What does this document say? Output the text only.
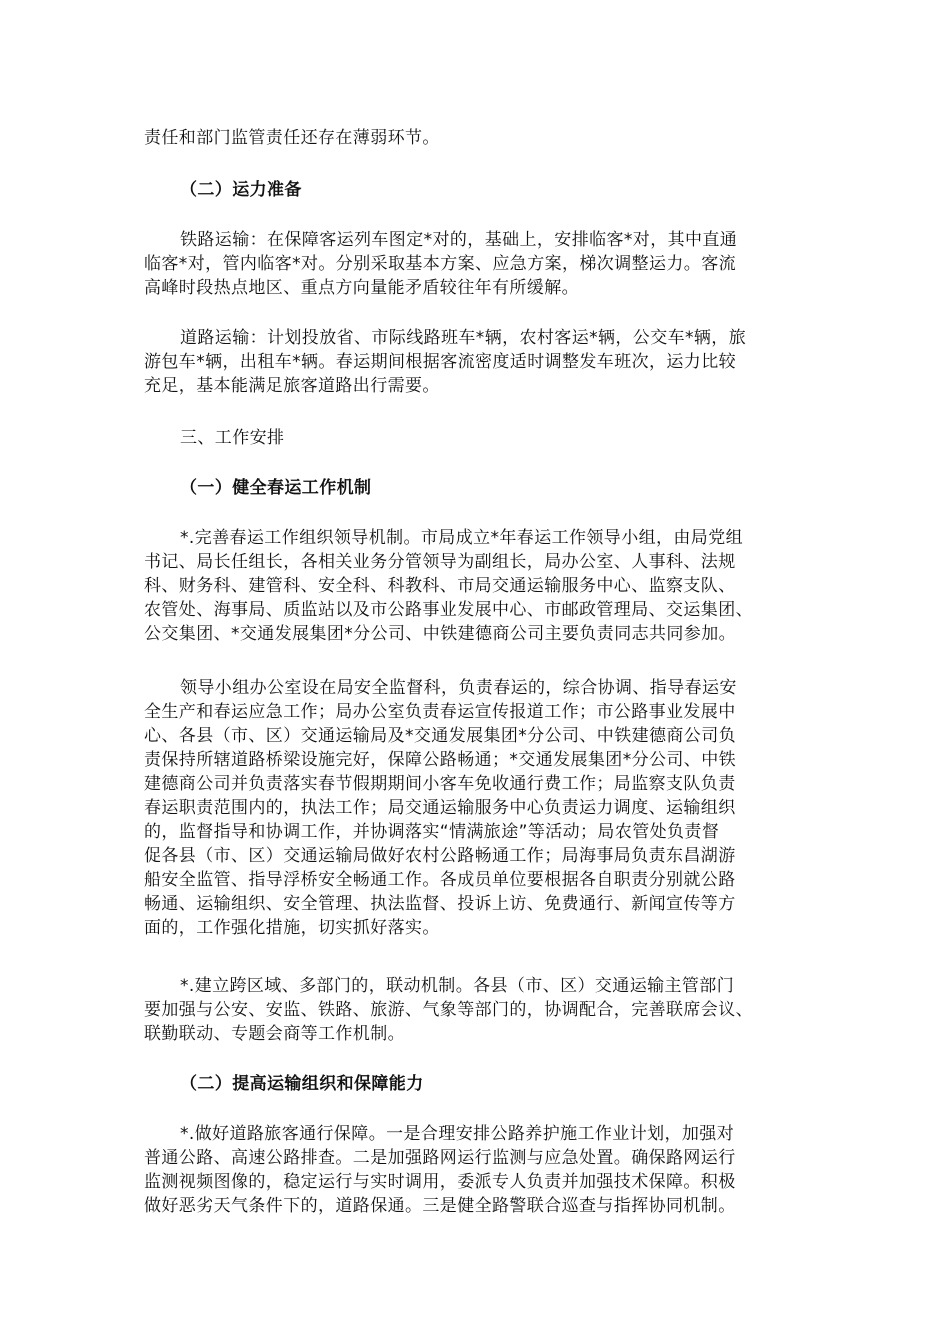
责任和部门监管责任还存在薄弱环节。

（二）运力准备

铁路运输：在保障客运列车图定*对的，基础上，安排临客*对，其中直通
临客*对，管内临客*对。分别采取基本方案、应急方案，梯次调整运力。客流
高峰时段热点地区、重点方向量能矛盾较往年有所缓解。

道路运输：计划投放省、市际线路班车*辆，农村客运*辆，公交车*辆，旅
游包车*辆，出租车*辆。春运期间根据客流密度适时调整发车班次，运力比较
充足，基本能满足旅客道路出行需要。

三、工作安排

（一）健全春运工作机制

*.完善春运工作组织领导机制。市局成立*年春运工作领导小组，由局党组
书记、局长任组长，各相关业务分管领导为副组长，局办公室、人事科、法规
科、财务科、建管科、安全科、科教科、市局交通运输服务中心、监察支队、
农管处、海事局、质监站以及市公路事业发展中心、市邮政管理局、交运集团、
公交集团、*交通发展集团*分公司、中铁建德商公司主要负责同志共同参加。

领导小组办公室设在局安全监督科，负责春运的，综合协调、指导春运安
全生产和春运应急工作；局办公室负责春运宣传报道工作；市公路事业发展中
心、各县（市、区）交通运输局及*交通发展集团*分公司、中铁建德商公司负
责保持所辖道路桥梁设施完好，保障公路畅通；*交通发展集团*分公司、中铁
建德商公司并负责落实春节假期期间小客车免收通行费工作；局监察支队负责
春运职责范围内的，执法工作；局交通运输服务中心负责运力调度、运输组织
的，监督指导和协调工作，并协调落实“情满旅途”等活动；局农管处负责督
促各县（市、区）交通运输局做好农村公路畅通工作；局海事局负责东昌湖游
船安全监管、指导浮桥安全畅通工作。各成员单位要根据各自职责分别就公路
畅通、运输组织、安全管理、执法监督、投诉上访、免费通行、新闻宣传等方
面的，工作强化措施，切实抓好落实。

*.建立跨区域、多部门的，联动机制。各县（市、区）交通运输主管部门
要加强与公安、安监、铁路、旅游、气象等部门的，协调配合，完善联席会议、
联勤联动、专题会商等工作机制。

（二）提高运输组织和保障能力

*.做好道路旅客通行保障。一是合理安排公路养护施工作业计划，加强对
普通公路、高速公路排查。二是加强路网运行监测与应急处置。确保路网运行
监测视频图像的，稳定运行与实时调用，委派专人负责并加强技术保障。积极
做好恶劣天气条件下的，道路保通。三是健全路警联合巡查与指挥协同机制。
